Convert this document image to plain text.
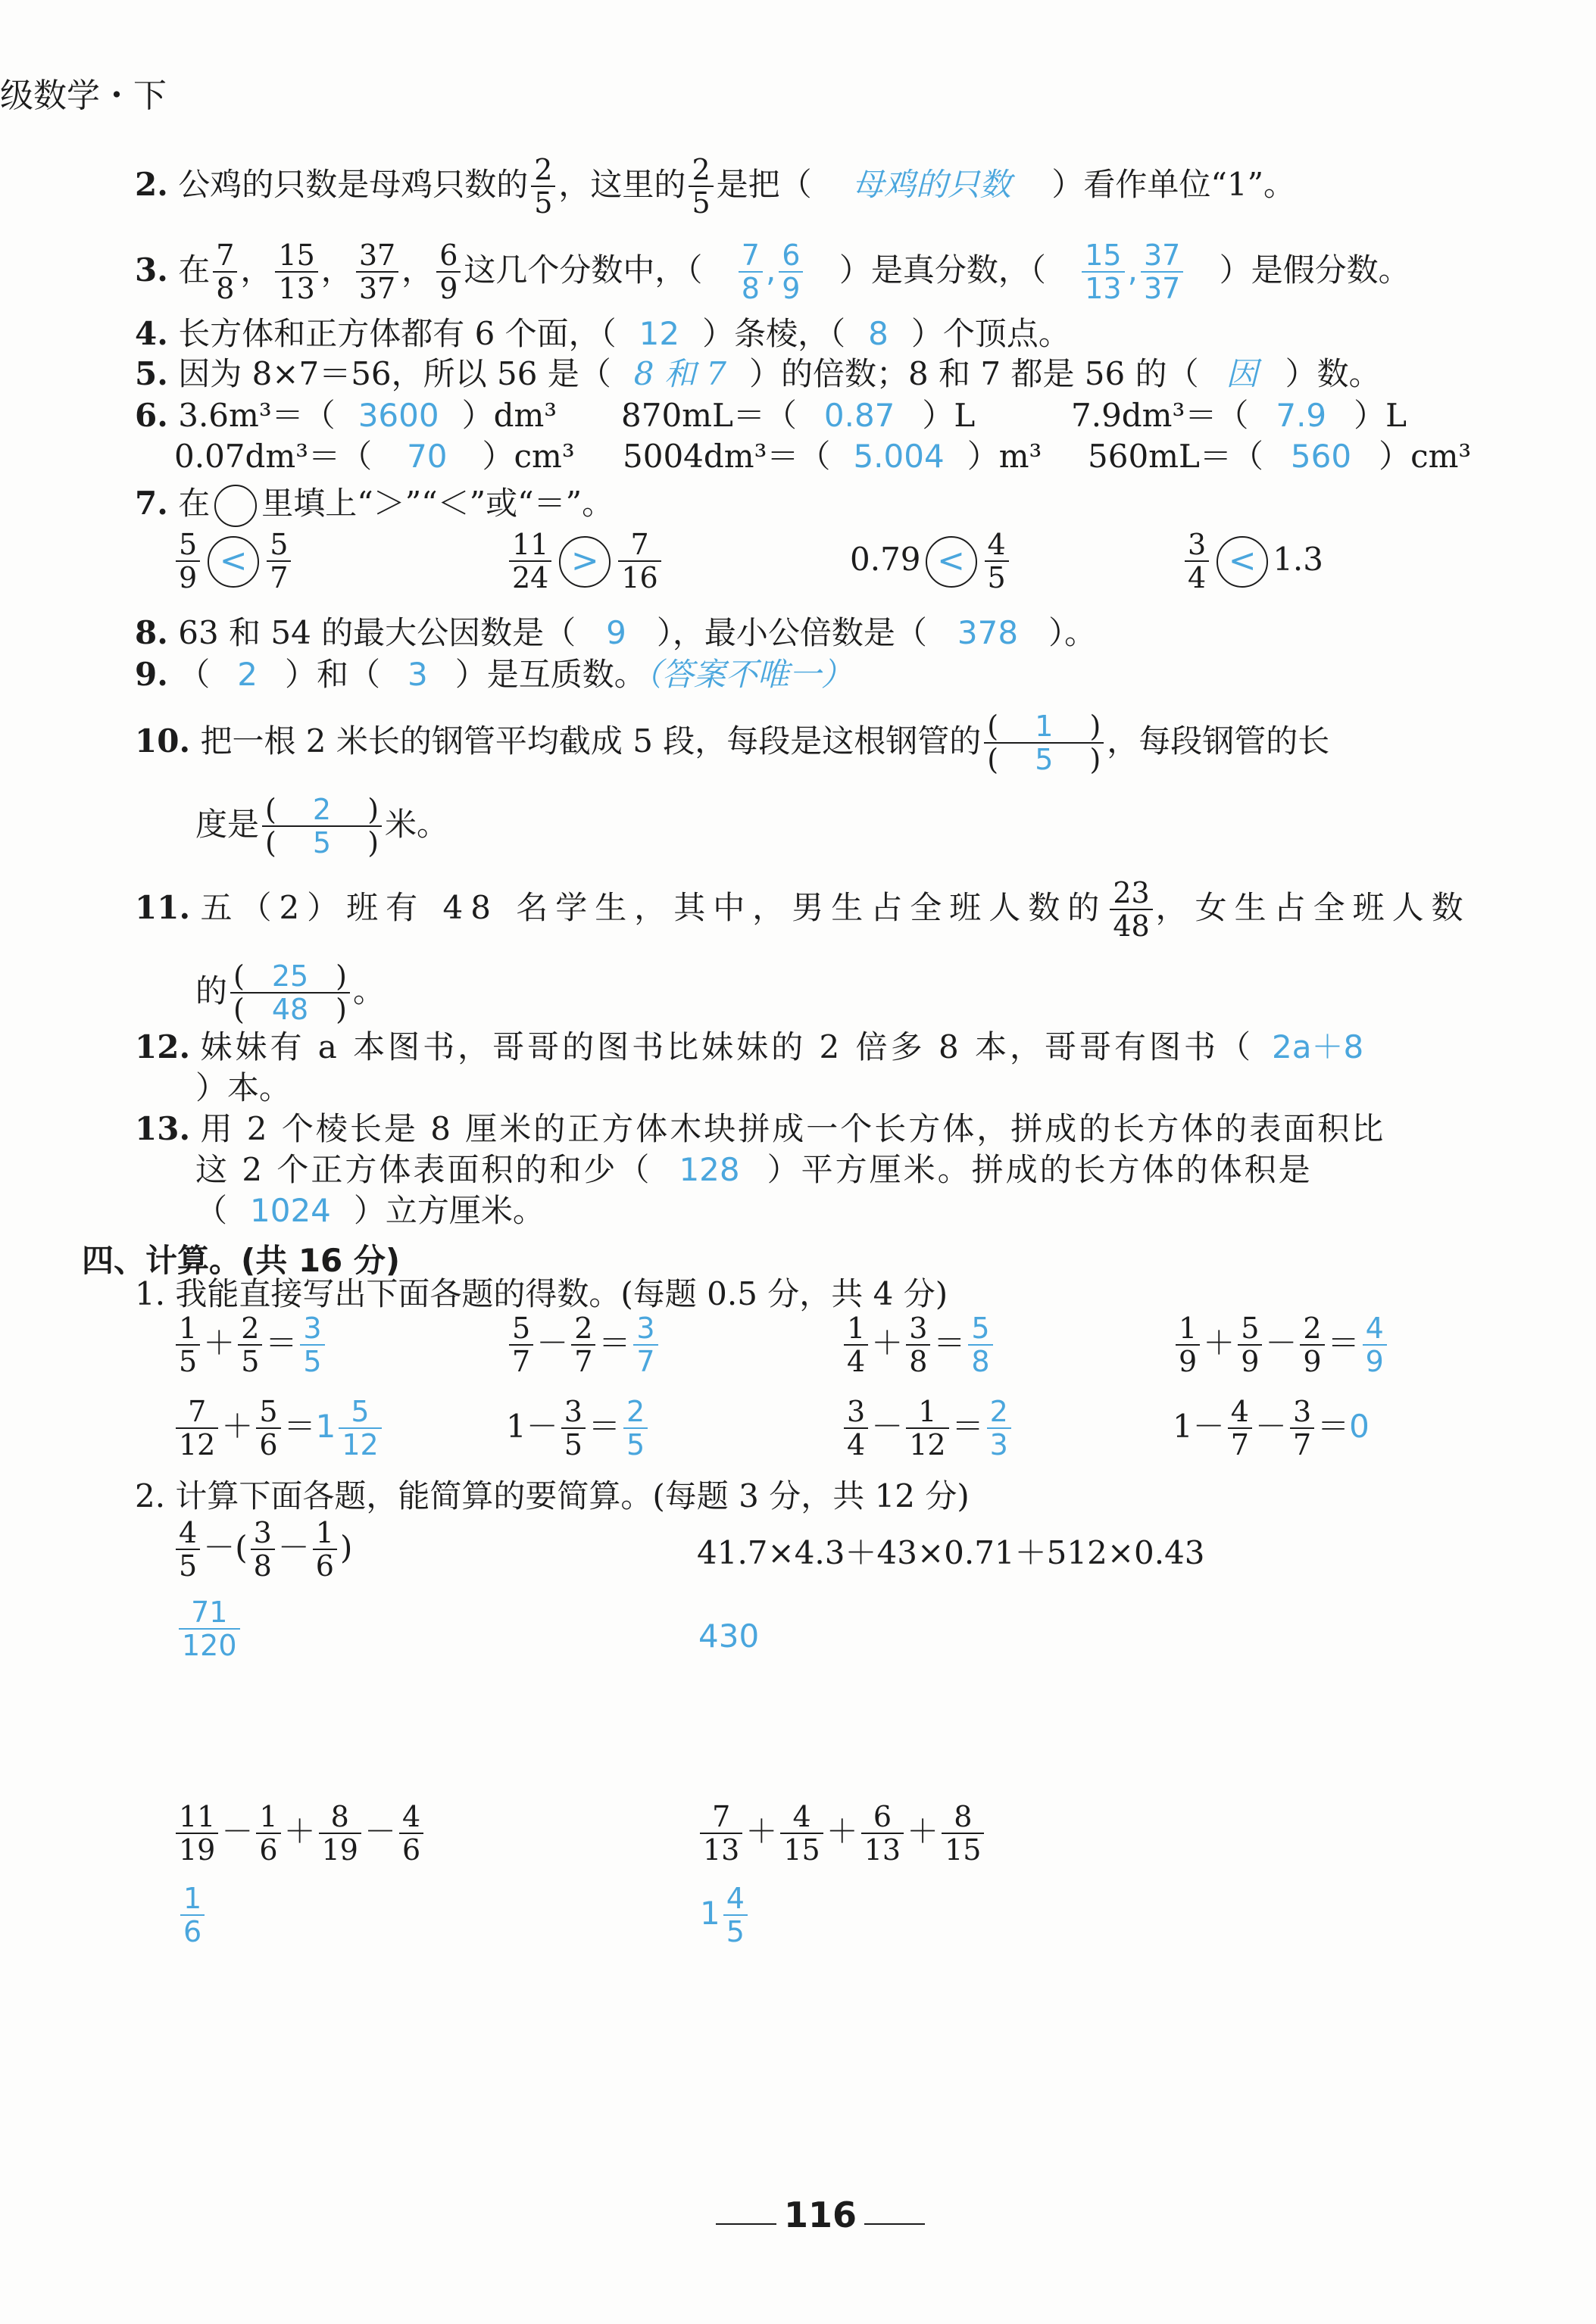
级数学・下
2. 公鸡的只数是母鸡只数的 $\frac{2}{5}$ ，这里的 $\frac{2}{5}$ 是把（ 母鸡的只数 ）看作单位“1”。
3. 在 $\frac{7}{8}$ ， $\frac{15}{13}$ ， $\frac{37}{37}$ ， $\frac{6}{9}$ 这几个分数中，（ $\frac{7}{8}$ , $\frac{6}{9}$ ）是真分数，（ $\frac{15}{13}$ , $\frac{37}{37}$ ）是假分数。
4. 长方体和正方体都有 6 个面，（ 12 ）条棱，（ 8 ）个顶点。
5. 因为 8×7＝56，所以 56 是（ 8 和 7 ）的倍数；8 和 7 都是 56 的（ 因 ）数。
6. 3.6m³＝（ 3600 ）dm³ 870mL＝（ 0.87 ）L	7.9dm³＝（ 7.9 ）L
0.07dm³＝（ 70 ）cm³ 5004dm³＝（ 5.004 ）m³ 560mL＝（ 560 ）cm³
7. 在 里填上“＞”“＜”或“＝”。
$\frac{5}{9} < \frac{5}{7}$	$\frac{11}{24} > \frac{7}{16}$	$0.79 < \frac{4}{5}$	$\frac{3}{4} < 1.3$
8. 63 和 54 的最大公因数是（ 9 ），最小公倍数是（ 378 ）。
9. （ 2 ）和（ 3 ）是互质数。（答案不唯一）
10. 把一根 2 米长的钢管平均截成 5 段，每段是这根钢管的 $\frac{( 1 )}{( 5 )}$ ，每段钢管的长
度是 $\frac{( 2 )}{( 5 )}$ 米。
11. 五（2）班有 48 名学生，其中，男生占全班人数的 $\frac{23}{48}$ ，女生占全班人数
的 $\frac{( 25 )}{( 48 )}$ 。
12. 妹妹有 a 本图书，哥哥的图书比妹妹的 2 倍多 8 本，哥哥有图书（ 2a＋8
）本。
13. 用 2 个棱长是 8 厘米的正方体木块拼成一个长方体，拼成的长方体的表面积比
这 2 个正方体表面积的和少（ 128 ）平方厘米。拼成的长方体的体积是
（ 1024 ）立方厘米。
四、计算。(共 16 分)
1. 我能直接写出下面各题的得数。(每题 0.5 分，共 4 分)
$\frac{1}{5} + \frac{2}{5} = \frac{3}{5}$	$\frac{5}{7} - \frac{2}{7} = \frac{3}{7}$	$\frac{1}{4} + \frac{3}{8} = \frac{5}{8}$	$\frac{1}{9} + \frac{5}{9} - \frac{2}{9} = \frac{4}{9}$
$\frac{7}{12} + \frac{5}{6} =1 \frac{5}{12}$	$1- \frac{3}{5} = \frac{2}{5}$	$\frac{3}{4} - \frac{1}{12} = \frac{2}{3}$	$1- \frac{4}{7} - \frac{3}{7} =0$
2. 计算下面各题，能简算的要简算。(每题 3 分，共 12 分)
$\frac{4}{5}$ －( $\frac{3}{8} - \frac{1}{6}$ )
$\frac{71}{120}$
41.7×4.3＋43×0.71＋512×0.43
430
$\frac{11}{19} - \frac{1}{6} + \frac{8}{19} - \frac{4}{6}$
$\frac{1}{6}$
$\frac{7}{13} + \frac{4}{15} + \frac{6}{13} + \frac{8}{15}$
$1 \frac{4}{5}$
116
